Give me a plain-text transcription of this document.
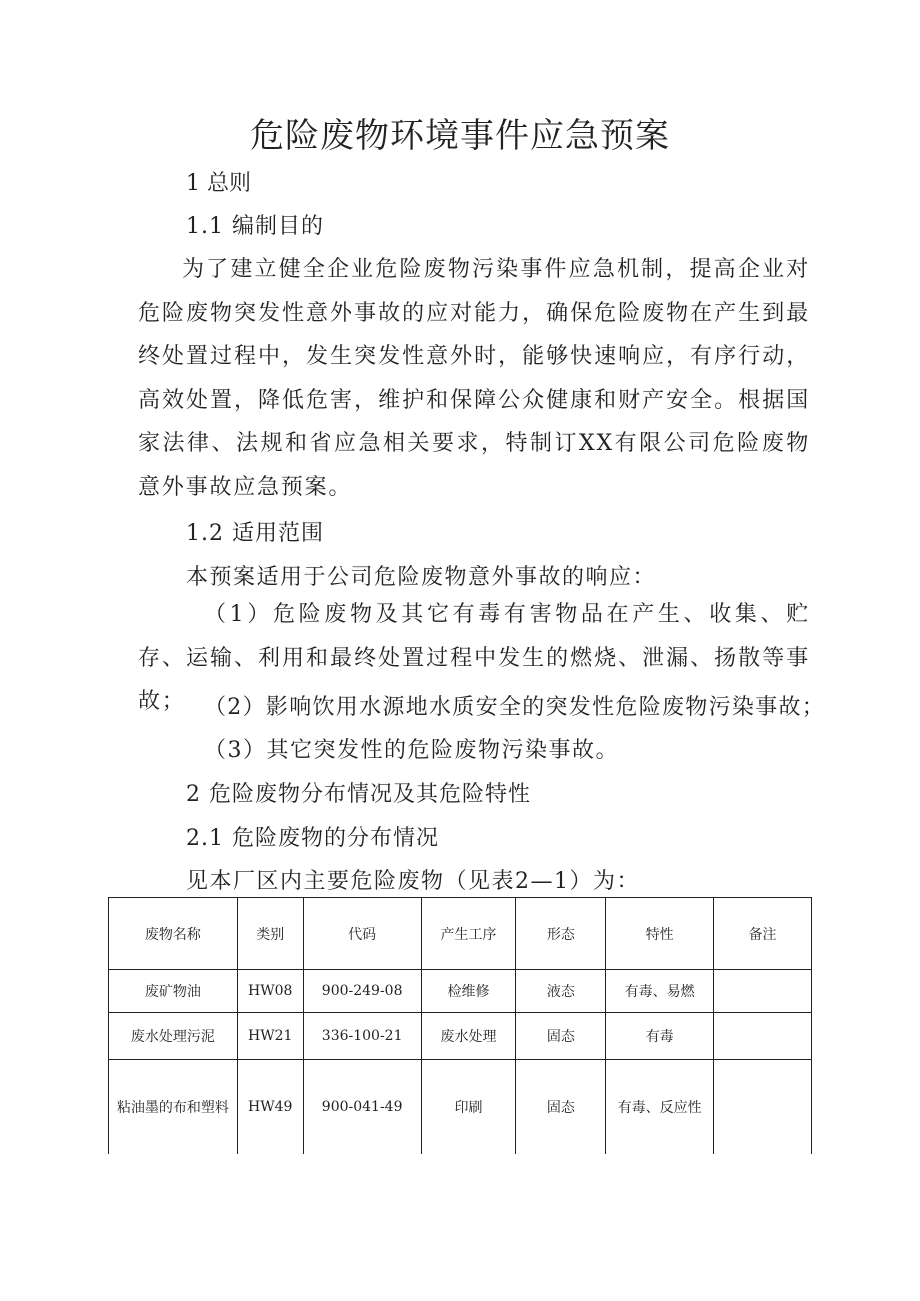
危险废物环境事件应急预案

1 总则

1.1 编制目的

为了建立健全企业危险废物污染事件应急机制，提高企业对危险废物突发性意外事故的应对能力，确保危险废物在产生到最终处置过程中，发生突发性意外时，能够快速响应，有序行动，高效处置，降低危害，维护和保障公众健康和财产安全。根据国家法律、法规和省应急相关要求，特制订XX有限公司危险废物意外事故应急预案。

1.2 适用范围

本预案适用于公司危险废物意外事故的响应：

（1）危险废物及其它有毒有害物品在产生、收集、贮存、运输、利用和最终处置过程中发生的燃烧、泄漏、扬散等事故； （2）影响饮用水源地水质安全的突发性危险废物污染事故；

（3）其它突发性的危险废物污染事故。

2 危险废物分布情况及其危险特性

2.1 危险废物的分布情况

见本厂区内主要危险废物（见表2—1）为：

废物名称	类别	代码	产生工序	形态	特性	备注
废矿物油	HW08	900-249-08	检维修	液态	有毒、易燃	
废水处理污泥	HW21	336-100-21	废水处理	固态	有毒	
粘油墨的布和塑料	HW49	900-041-49	印刷	固态	有毒、反应性	
